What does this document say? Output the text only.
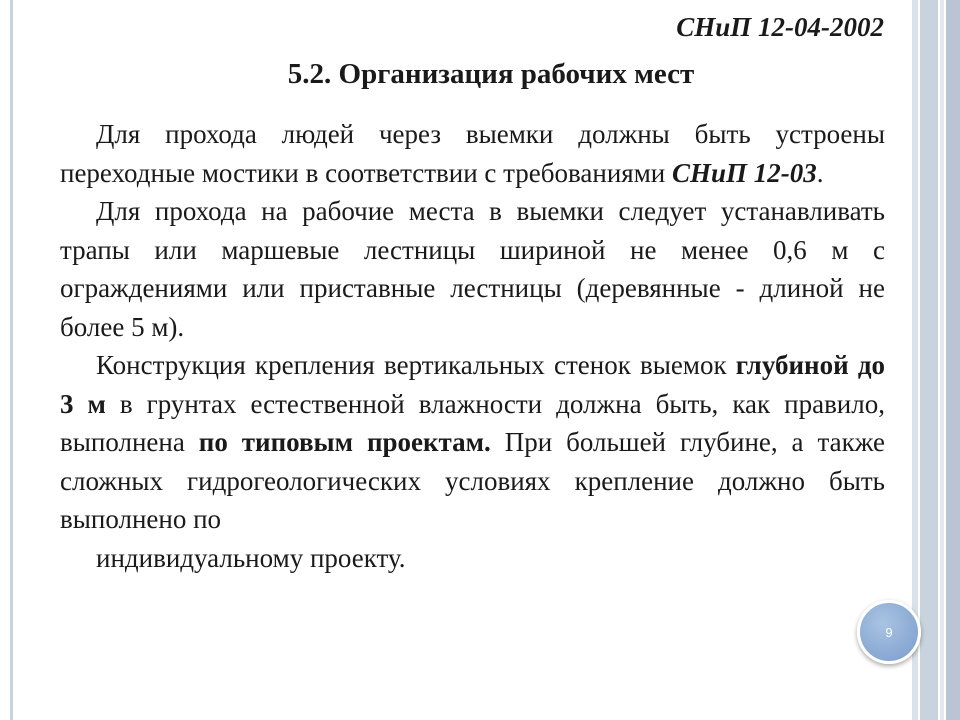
СНиП 12-04-2002

5.2. Организация рабочих мест

Для прохода людей через выемки должны быть устроены переходные мостики в соответствии с требованиями СНиП 12-03.

Для прохода на рабочие места в выемки следует устанавливать трапы или маршевые лестницы шириной не менее 0,6 м с ограждениями или приставные лестницы (деревянные - длиной не более 5 м).

Конструкция крепления вертикальных стенок выемок глубиной до 3 м в грунтах естественной влажности должна быть, как правило, выполнена по типовым проектам. При большей глубине, а также сложных гидрогеологических условиях крепление должно быть выполнено по

индивидуальному проекту.

9
